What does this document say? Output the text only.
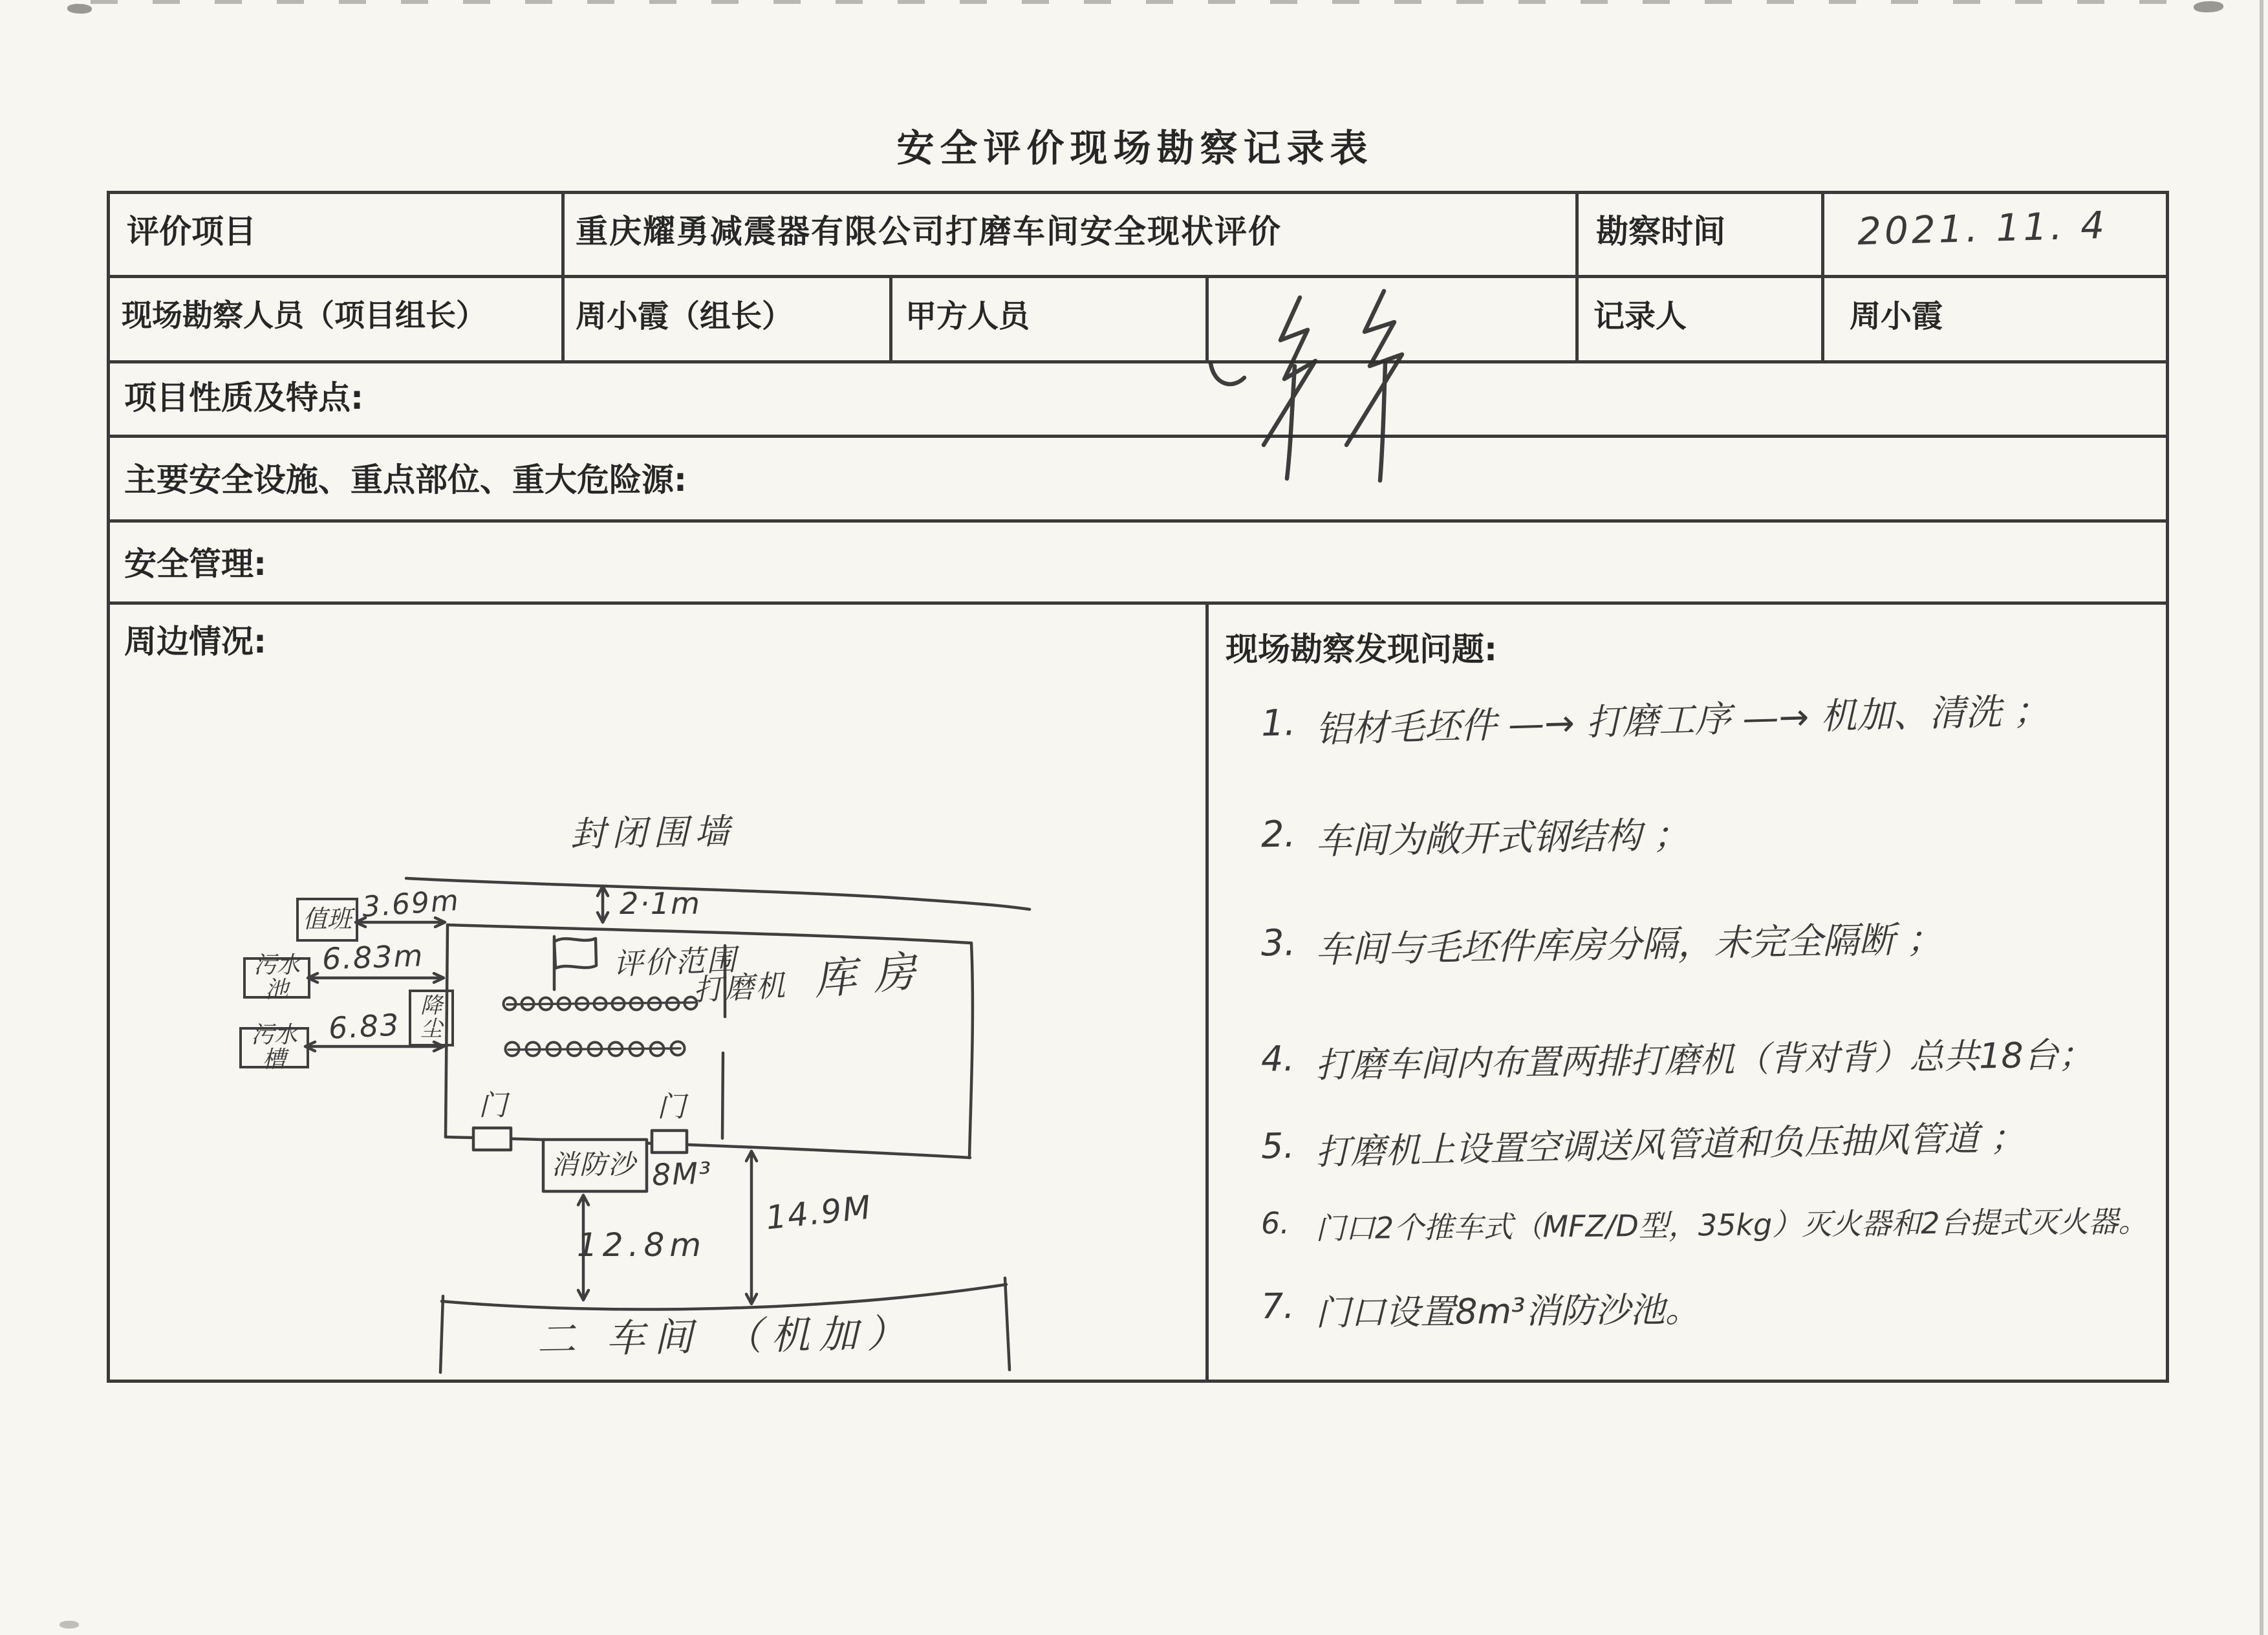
安全评价现场勘察记录表
评价项目	重庆耀勇减震器有限公司打磨车间安全现状评价	勘察时间	2021. 11. 4
现场勘察人员（项目组长）	周小霞（组长）	甲方人员	记录人	周小霞
项目性质及特点:
主要安全设施、重点部位、重大危险源:
安全管理:
周边情况:	现场勘察发现问题:
1. 铝材毛坯件 —→ 打磨工序 —→ 机加、清洗 ；
2. 车间为敞开式钢结构 ；
3. 车间与毛坯件库房分隔，未完全隔断 ；
4. 打磨车间内布置两排打磨机（背对背）总共18台；
5. 打磨机上设置空调送风管道和负压抽风管道 ；
6. 门口2个推车式（MFZ/D型，35kg）灭火器和2台提式灭火器。
7. 门口设置8m³消防沙池。
封闭围墙
2·1m
值班 3.69m
污水池
6.83m
降尘
污水槽
6.83
评价范围
打磨机 库房
门	门
消防沙 8M³
12.8m
14.9M
二 车间 （机加）
